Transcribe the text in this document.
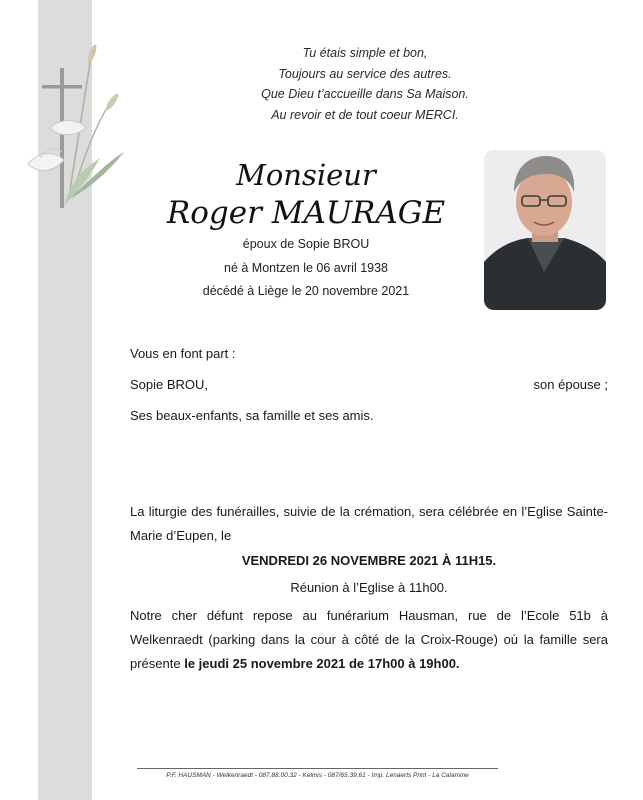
Tu étais simple et bon,
Toujours au service des autres.
Que Dieu t’accueille dans Sa Maison.
Au revoir et de tout coeur MERCI.
Monsieur
Roger MAURAGE
époux de Sopie BROU
né à Montzen le 06 avril 1938
décédé à Liège le 20 novembre 2021
Vous en font part :
Sopie BROU,	son épouse ;
Ses beaux-enfants, sa famille et ses amis.
La liturgie des funérailles, suivie de la crémation, sera célébrée en l’Eglise Sainte-Marie d’Eupen, le
VENDREDI 26 NOVEMBRE 2021 À 11H15.
Réunion à l’Eglise à 11h00.
Notre cher défunt repose au funérarium Hausman, rue de l’Ecole 51b à Welkenraedt (parking dans la cour à côté de la Croix-Rouge) où la famille sera présente le jeudi 25 novembre 2021 de 17h00 à 19h00.
P.F. HAUSMAN - Welkenraedt - 087.88.00.32 - Kelmis - 087/65.39.61 - Imp. Lenaerts Print - La Calamine
